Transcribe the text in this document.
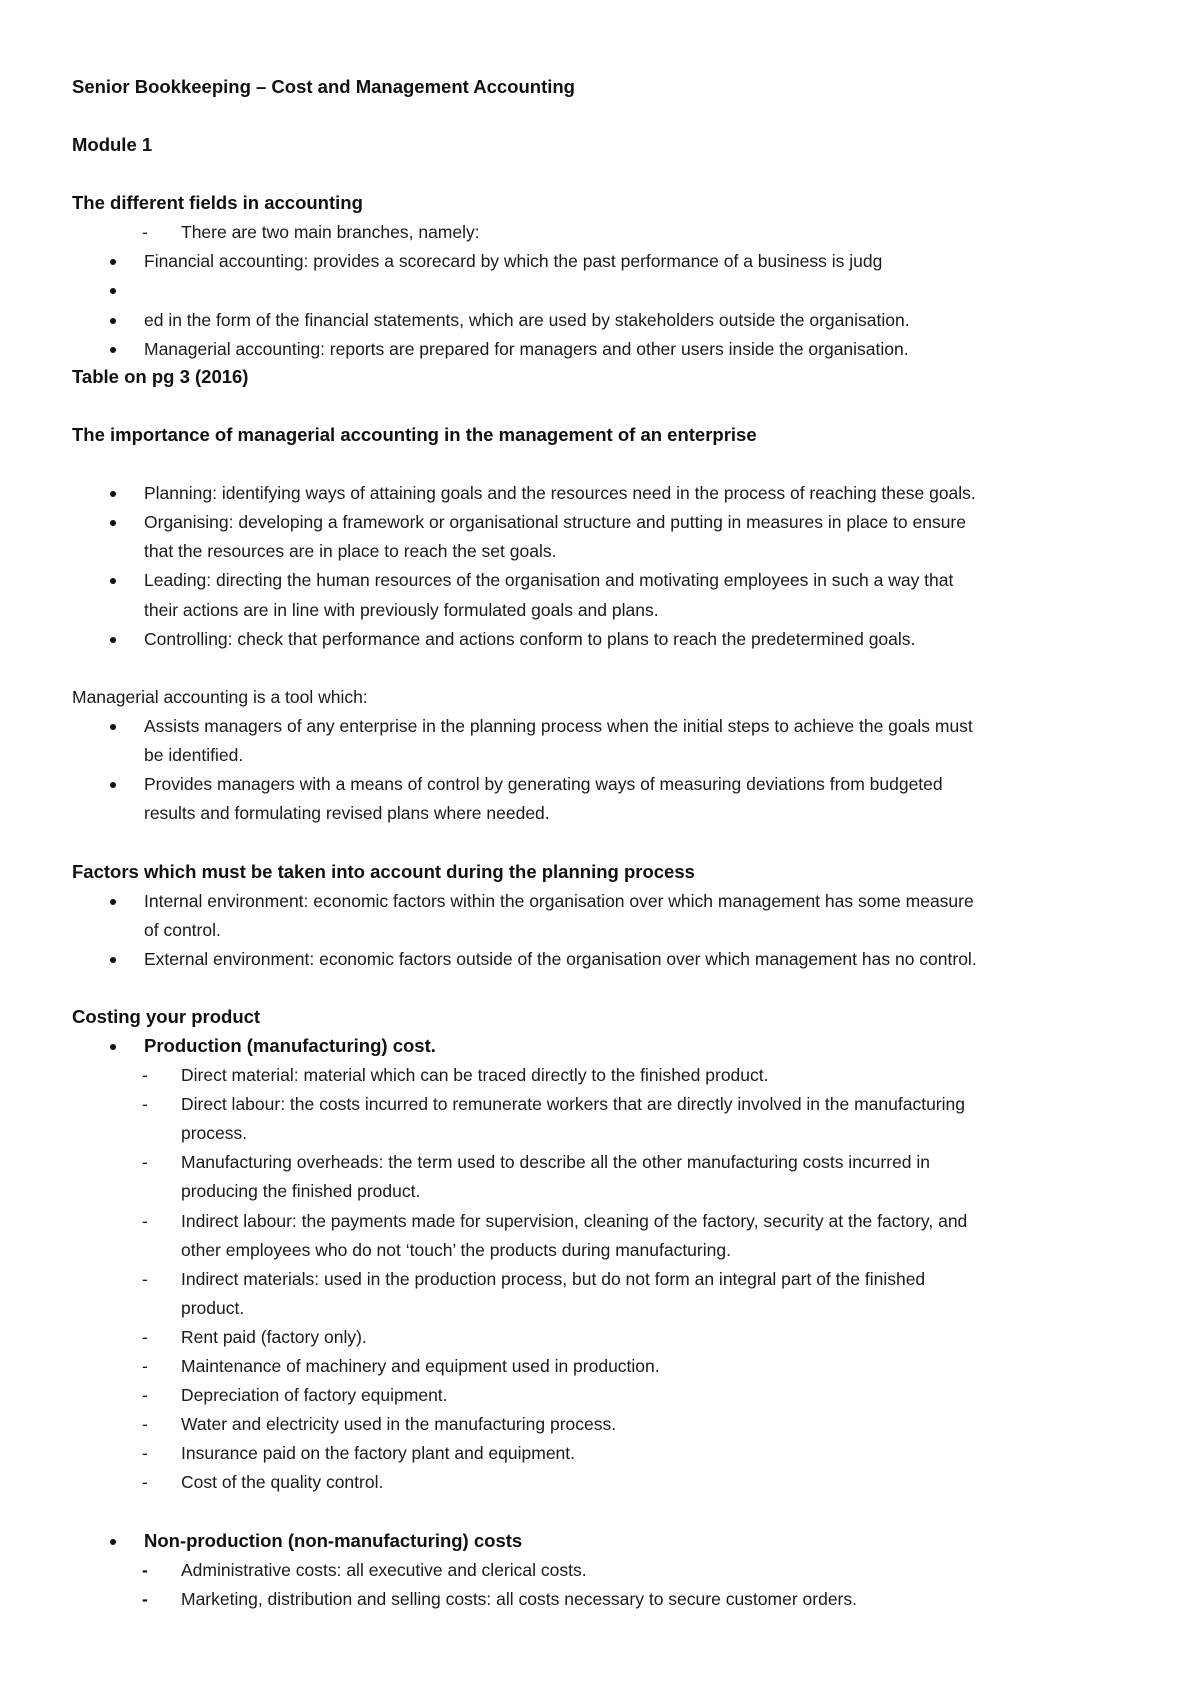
Senior Bookkeeping – Cost and Management Accounting
Module 1
The different fields in accounting
- There are two main branches, namely:
Financial accounting: provides a scorecard by which the past performance of a business is judg
ed in the form of the financial statements, which are used by stakeholders outside the organisation.
Managerial accounting: reports are prepared for managers and other users inside the organisation.
Table on pg 3 (2016)
The importance of managerial accounting in the management of an enterprise
Planning: identifying ways of attaining goals and the resources need in the process of reaching these goals.
Organising: developing a framework or organisational structure and putting in measures in place to ensure
that the resources are in place to reach the set goals.
Leading: directing the human resources of the organisation and motivating employees in such a way that
their actions are in line with previously formulated goals and plans.
Controlling: check that performance and actions conform to plans to reach the predetermined goals.
Managerial accounting is a tool which:
Assists managers of any enterprise in the planning process when the initial steps to achieve the goals must
be identified.
Provides managers with a means of control by generating ways of measuring deviations from budgeted
results and formulating revised plans where needed.
Factors which must be taken into account during the planning process
Internal environment: economic factors within the organisation over which management has some measure
of control.
External environment: economic factors outside of the organisation over which management has no control.
Costing your product
Production (manufacturing) cost.
- Direct material: material which can be traced directly to the finished product.
- Direct labour: the costs incurred to remunerate workers that are directly involved in the manufacturing
process.
- Manufacturing overheads: the term used to describe all the other manufacturing costs incurred in
producing the finished product.
- Indirect labour: the payments made for supervision, cleaning of the factory, security at the factory, and
other employees who do not ‘touch’ the products during manufacturing.
- Indirect materials: used in the production process, but do not form an integral part of the finished
product.
- Rent paid (factory only).
- Maintenance of machinery and equipment used in production.
- Depreciation of factory equipment.
- Water and electricity used in the manufacturing process.
- Insurance paid on the factory plant and equipment.
- Cost of the quality control.
Non-production (non-manufacturing) costs
- Administrative costs: all executive and clerical costs.
- Marketing, distribution and selling costs: all costs necessary to secure customer orders.
